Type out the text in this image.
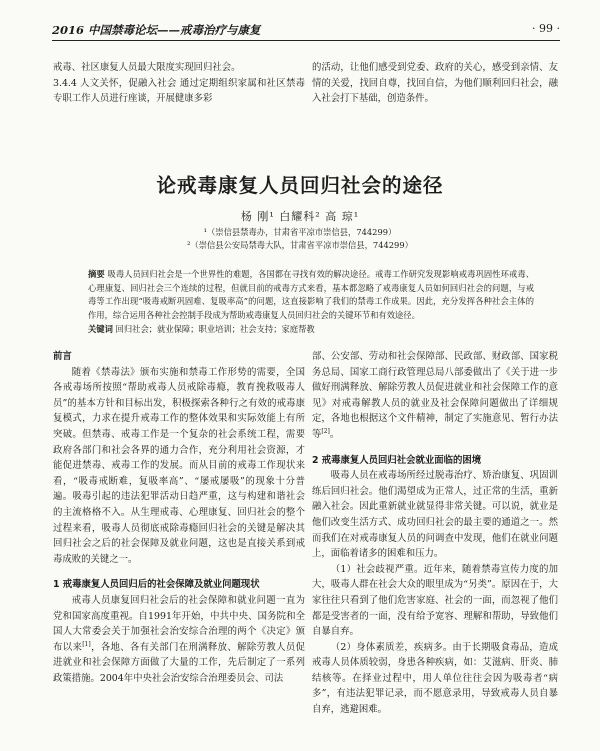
2016 中国禁毒论坛——戒毒治疗与康复	· 99 ·

戒毒、社区康复人员最大限度实现回归社会。

3.4.4 人文关怀，促融入社会 通过定期组织家属和社区禁毒专职工作人员进行座谈，开展健康多彩

的活动，让他们感受到党委、政府的关心，感受到亲情、友情的关爱，找回自尊，找回自信，为他们顺利回归社会，融入社会打下基础，创造条件。

论戒毒康复人员回归社会的途径
杨 刚¹ 白耀科² 高 琼¹
¹（崇信县禁毒办，甘肃省平凉市崇信县，744299）
²（崇信县公安局禁毒大队，甘肃省平凉市崇信县，744299）
摘要 吸毒人员回归社会是一个世界性的难题，各国都在寻找有效的解决途径。戒毒工作研究发现影响戒毒巩固性环戒毒、心理康复、回归社会三个连续的过程，但就目前的戒毒方式来看，基本都忽略了戒毒康复人员如何回归社会的问题，与戒毒等工作出现“吸毒戒断巩固难、复吸率高”的问题，这直接影响了我们的禁毒工作成果。因此，充分发挥各种社会主体的作用，综合运用各种社会控制手段成为帮助戒毒康复人员回归社会的关键环节和有效途径。
关键词 回归社会；就业保障；职业培训；社会支持；家庭帮教

前言

随着《禁毒法》颁布实施和禁毒工作形势的需要，全国各戒毒场所按照“帮助戒毒人员戒除毒瘾，教育挽救吸毒人员”的基本方针和目标出发，积极探索各种行之有效的戒毒康复模式，力求在提升戒毒工作的整体效果和实际效能上有所突破。但禁毒、戒毒工作是一个复杂的社会系统工程，需要政府各部门和社会各界的通力合作，充分利用社会资源，才能促进禁毒、戒毒工作的发展。而从目前的戒毒工作现状来看，“吸毒戒断难，复吸率高”、“屡戒屡吸”的现象十分普遍。吸毒引起的违法犯罪活动日趋严重，这与构建和谐社会的主流格格不入。从生理戒毒、心理康复、回归社会的整个过程来看，吸毒人员彻底戒除毒瘾回归社会的关键是解决其回归社会之后的社会保障及就业问题，这也是直接关系到戒毒成败的关键之一。

1 戒毒康复人员回归后的社会保障及就业问题现状

戒毒人员康复回归社会后的社会保障和就业问题一直为党和国家高度重视。自1991年开始，中共中央、国务院和全国人大常委会关于加强社会治安综合治理的两个《决定》颁布以来[1]，各地、各有关部门在刑满释放、解除劳教人员促进就业和社会保障方面做了大量的工作，先后制定了一系列政策措施。2004年中央社会治安综合治理委员会、司法

部、公安部、劳动和社会保障部、民政部、财政部、国家税务总局、国家工商行政管理总局八部委做出了《关于进一步做好刑满释放、解除劳教人员促进就业和社会保障工作的意见》对戒毒解教人员的就业及社会保障问题做出了详细规定，各地也根据这个文件精神，制定了实施意见、暂行办法等[2]。

2 戒毒康复人员回归社会就业面临的困境

吸毒人员在戒毒场所经过脱毒治疗、矫治康复、巩固训练后回归社会。他们渴望成为正常人，过正常的生活，重新融入社会。因此重新就业就显得非常关键。可以说，就业是他们改变生活方式、成功回归社会的最主要的通道之一。然而我们在对戒毒康复人员的问调查中发现，他们在就业问题上，面临着诸多的困难和压力。

（1）社会歧视严重。近年来，随着禁毒宣传力度的加大，吸毒人群在社会大众的眼里成为“另类”。原因在于，大家往往只看到了他们危害家庭、社会的一面，而忽视了他们都是受害者的一面，没有给予宽容、理解和帮助，导致他们自暴自弃。

（2）身体素质差，疾病多。由于长期吸食毒品，造成戒毒人员体质较弱，身患各种疾病，如：艾滋病、肝炎、肺结核等。在择业过程中，用人单位往往会因为吸毒者“病多”，有违法犯罪记录，而不愿意录用，导致戒毒人员自暴自弃，逃避困难。
